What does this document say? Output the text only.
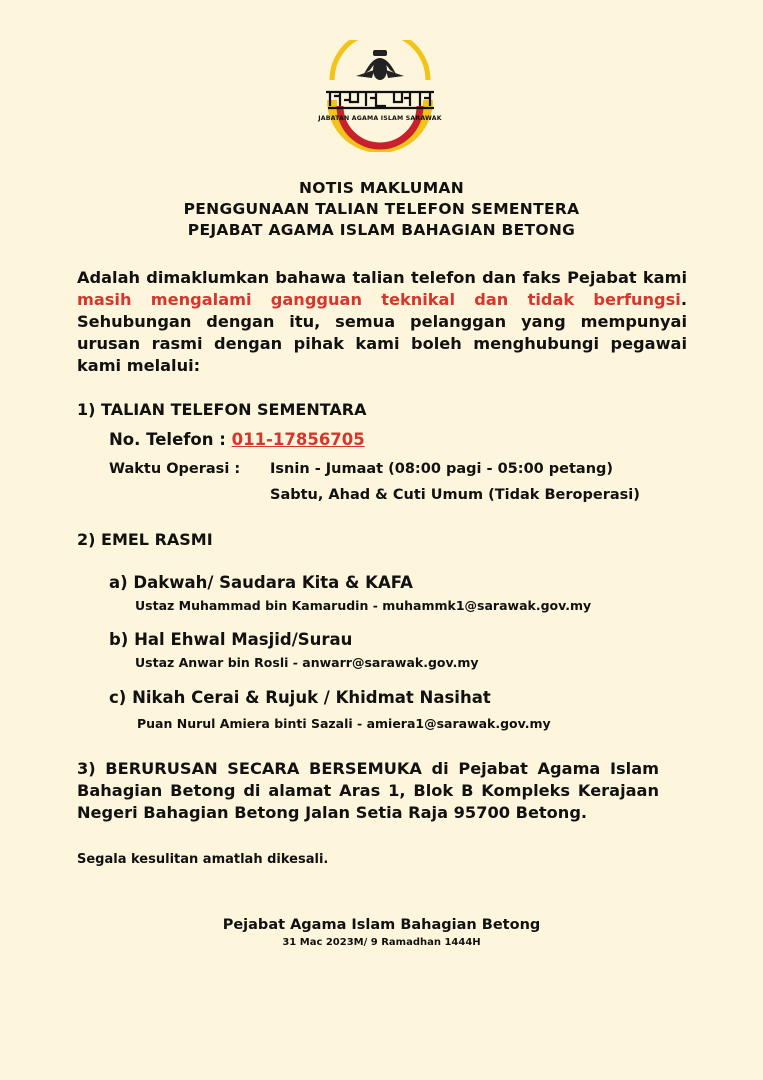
JABATAN AGAMA ISLAM SARAWAK
NOTIS MAKLUMAN
PENGGUNAAN TALIAN TELEFON SEMENTERA
PEJABAT AGAMA ISLAM BAHAGIAN BETONG
Adalah dimaklumkan bahawa talian telefon dan faks Pejabat kami masih mengalami gangguan teknikal dan tidak berfungsi. Sehubungan dengan itu, semua pelanggan yang mempunyai urusan rasmi dengan pihak kami boleh menghubungi pegawai kami melalui:
1) TALIAN TELEFON SEMENTARA
No. Telefon : 011-17856705
Waktu Operasi : Isnin - Jumaat (08:00 pagi - 05:00 petang)
Sabtu, Ahad & Cuti Umum (Tidak Beroperasi)
2) EMEL RASMI
a) Dakwah/ Saudara Kita & KAFA
Ustaz Muhammad bin Kamarudin - muhammk1@sarawak.gov.my
b) Hal Ehwal Masjid/Surau
Ustaz Anwar bin Rosli - anwarr@sarawak.gov.my
c) Nikah Cerai & Rujuk / Khidmat Nasihat
Puan Nurul Amiera binti Sazali - amiera1@sarawak.gov.my
3) BERURUSAN SECARA BERSEMUKA di Pejabat Agama Islam Bahagian Betong di alamat Aras 1, Blok B Kompleks Kerajaan Negeri Bahagian Betong Jalan Setia Raja 95700 Betong.
Segala kesulitan amatlah dikesali.
Pejabat Agama Islam Bahagian Betong
31 Mac 2023M/ 9 Ramadhan 1444H
